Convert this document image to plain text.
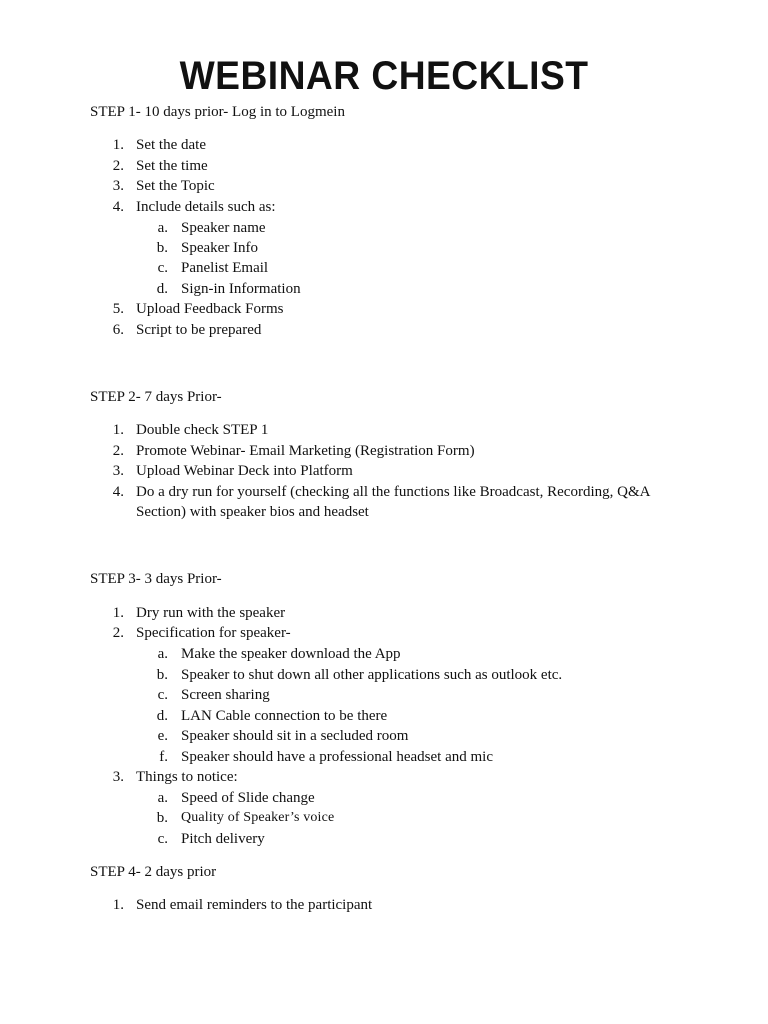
WEBINAR CHECKLIST
STEP 1- 10 days prior- Log in to Logmein
1. Set the date
2. Set the time
3. Set the Topic
4. Include details such as:
a. Speaker name
b. Speaker Info
c. Panelist Email
d. Sign-in Information
5. Upload Feedback Forms
6. Script to be prepared
STEP 2- 7 days Prior-
1. Double check STEP 1
2. Promote Webinar- Email Marketing (Registration Form)
3. Upload Webinar Deck into Platform
4. Do a dry run for yourself (checking all the functions like Broadcast, Recording, Q&A
Section) with speaker bios and headset
STEP 3- 3 days Prior-
1. Dry run with the speaker
2. Specification for speaker-
a. Make the speaker download the App
b. Speaker to shut down all other applications such as outlook etc.
c. Screen sharing
d. LAN Cable connection to be there
e. Speaker should sit in a secluded room
f. Speaker should have a professional headset and mic
3. Things to notice:
a. Speed of Slide change
b. Quality of Speaker’s voice
c. Pitch delivery
STEP 4- 2 days prior
1. Send email reminders to the participant
